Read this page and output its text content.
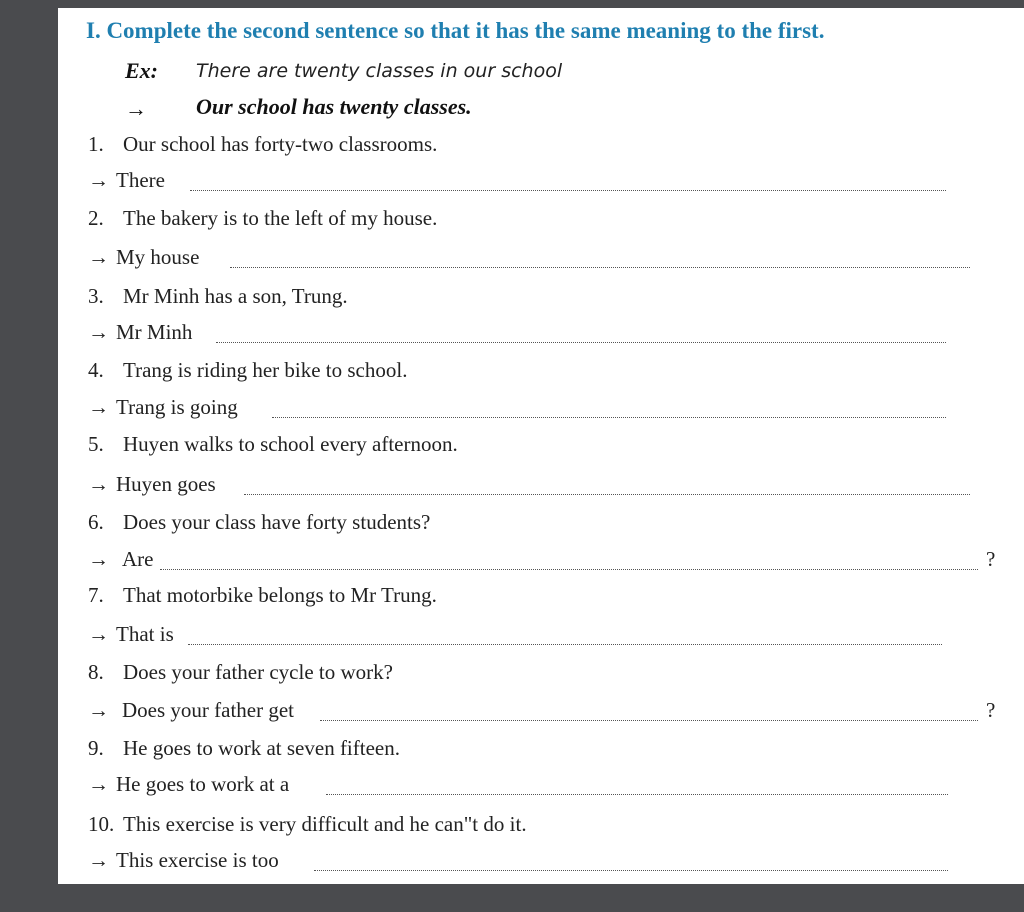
I. Complete the second sentence so that it has the same meaning to the first.
Ex: There are twenty classes in our school
→ Our school has twenty classes.
1. Our school has forty-two classrooms.
→ There
2. The bakery is to the left of my house.
→ My house
3. Mr Minh has a son, Trung.
→ Mr Minh
4. Trang is riding her bike to school.
→ Trang is going
5. Huyen walks to school every afternoon.
→ Huyen goes
6. Does your class have forty students?
→ Are	?
7. That motorbike belongs to Mr Trung.
→ That is
8. Does your father cycle to work?
→ Does your father get	?
9. He goes to work at seven fifteen.
→ He goes to work at a
10. This exercise is very difficult and he can"t do it.
→ This exercise is too
